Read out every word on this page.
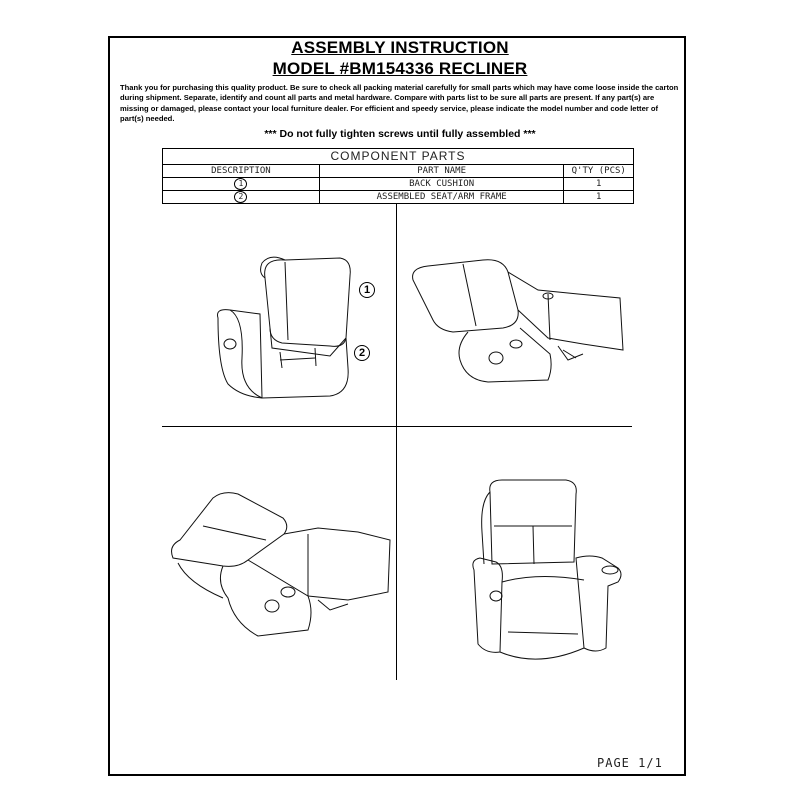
ASSEMBLY INSTRUCTION
MODEL #BM154336 RECLINER
Thank you for purchasing this quality product. Be sure to check all packing material carefully for small parts which may have come loose inside the carton during shipment. Separate, identify and count all parts and metal hardware. Compare with parts list to be sure all parts are present. If any part(s) are missing or damaged, please contact your local furniture dealer. For efficient and speedy service, please indicate the model number and code letter of part(s) needed.
*** Do not fully tighten screws until fully assembled ***
COMPONENT PARTS		
DESCRIPTION	PART NAME	Q'TY (PCS)
1	BACK CUSHION	1
2	ASSEMBLED SEAT/ARM FRAME	1
1
2
PAGE 1/1
